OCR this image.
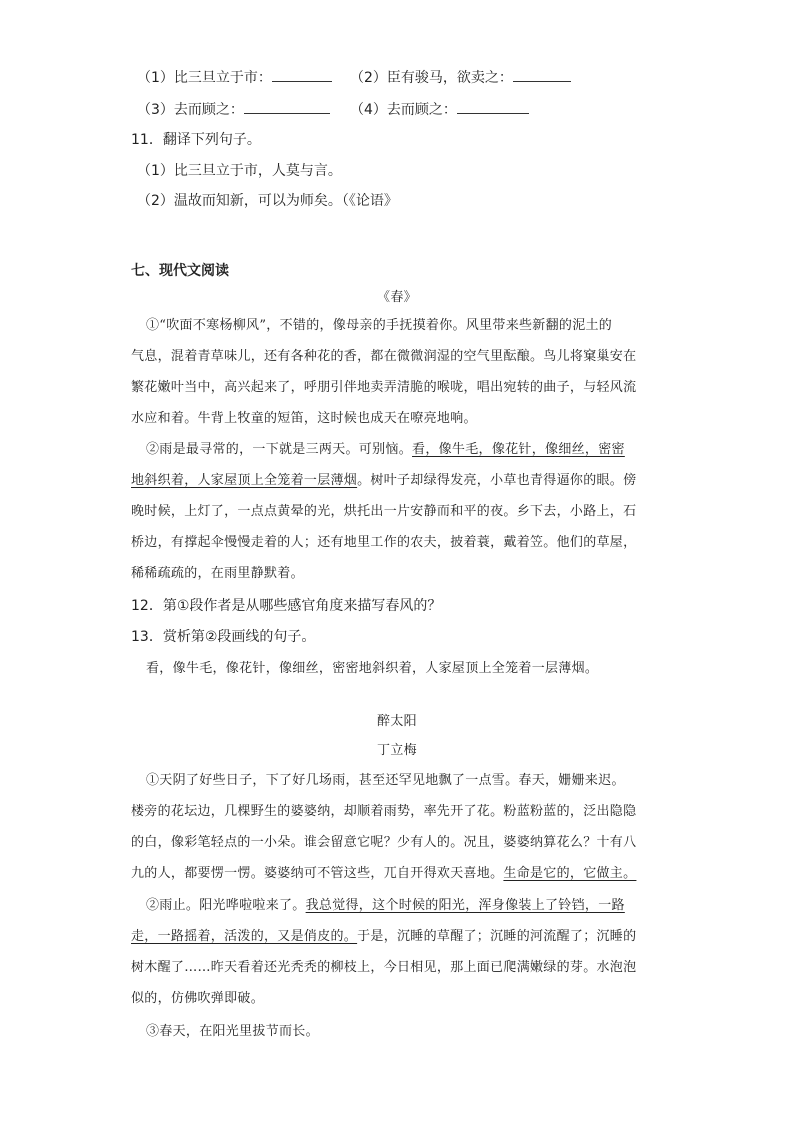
（1）比三旦立于市：	（2）臣有骏马，欲卖之：
（3）去而顾之：	（4）去而顾之：
11．翻译下列句子。
（1）比三旦立于市，人莫与言。
（2）温故而知新，可以为师矣。（《论语》
七、现代文阅读
《春》
①“吹面不寒杨柳风”，不错的，像母亲的手抚摸着你。风里带来些新翻的泥土的
气息，混着青草味儿，还有各种花的香，都在微微润湿的空气里酝酿。鸟儿将窠巢安在
繁花嫩叶当中，高兴起来了，呼朋引伴地卖弄清脆的喉咙，唱出宛转的曲子，与轻风流
水应和着。牛背上牧童的短笛，这时候也成天在嘹亮地响。
②雨是最寻常的，一下就是三两天。可别恼。看，像牛毛，像花针，像细丝，密密
地斜织着，人家屋顶上全笼着一层薄烟。树叶子却绿得发亮，小草也青得逼你的眼。傍
晚时候，上灯了，一点点黄晕的光，烘托出一片安静而和平的夜。乡下去，小路上，石
桥边，有撑起伞慢慢走着的人；还有地里工作的农夫，披着蓑，戴着笠。他们的草屋，
稀稀疏疏的，在雨里静默着。
12．第①段作者是从哪些感官角度来描写春风的？
13．赏析第②段画线的句子。
看，像牛毛，像花针，像细丝，密密地斜织着，人家屋顶上全笼着一层薄烟。
醉太阳
丁立梅
①天阴了好些日子，下了好几场雨，甚至还罕见地飘了一点雪。春天，姗姗来迟。
楼旁的花坛边，几棵野生的婆婆纳，却顺着雨势，率先开了花。粉蓝粉蓝的，泛出隐隐
的白，像彩笔轻点的一小朵。谁会留意它呢？少有人的。况且，婆婆纳算花么？十有八
九的人，都要愣一愣。婆婆纳可不管这些，兀自开得欢天喜地。生命是它的，它做主。
②雨止。阳光哗啦啦来了。我总觉得，这个时候的阳光，浑身像装上了铃铛，一路
走，一路摇着，活泼的，又是俏皮的。于是，沉睡的草醒了；沉睡的河流醒了；沉睡的
树木醒了……昨天看着还光秃秃的柳枝上，今日相见，那上面已爬满嫩绿的芽。水泡泡
似的，仿佛吹弹即破。
③春天，在阳光里拔节而长。
